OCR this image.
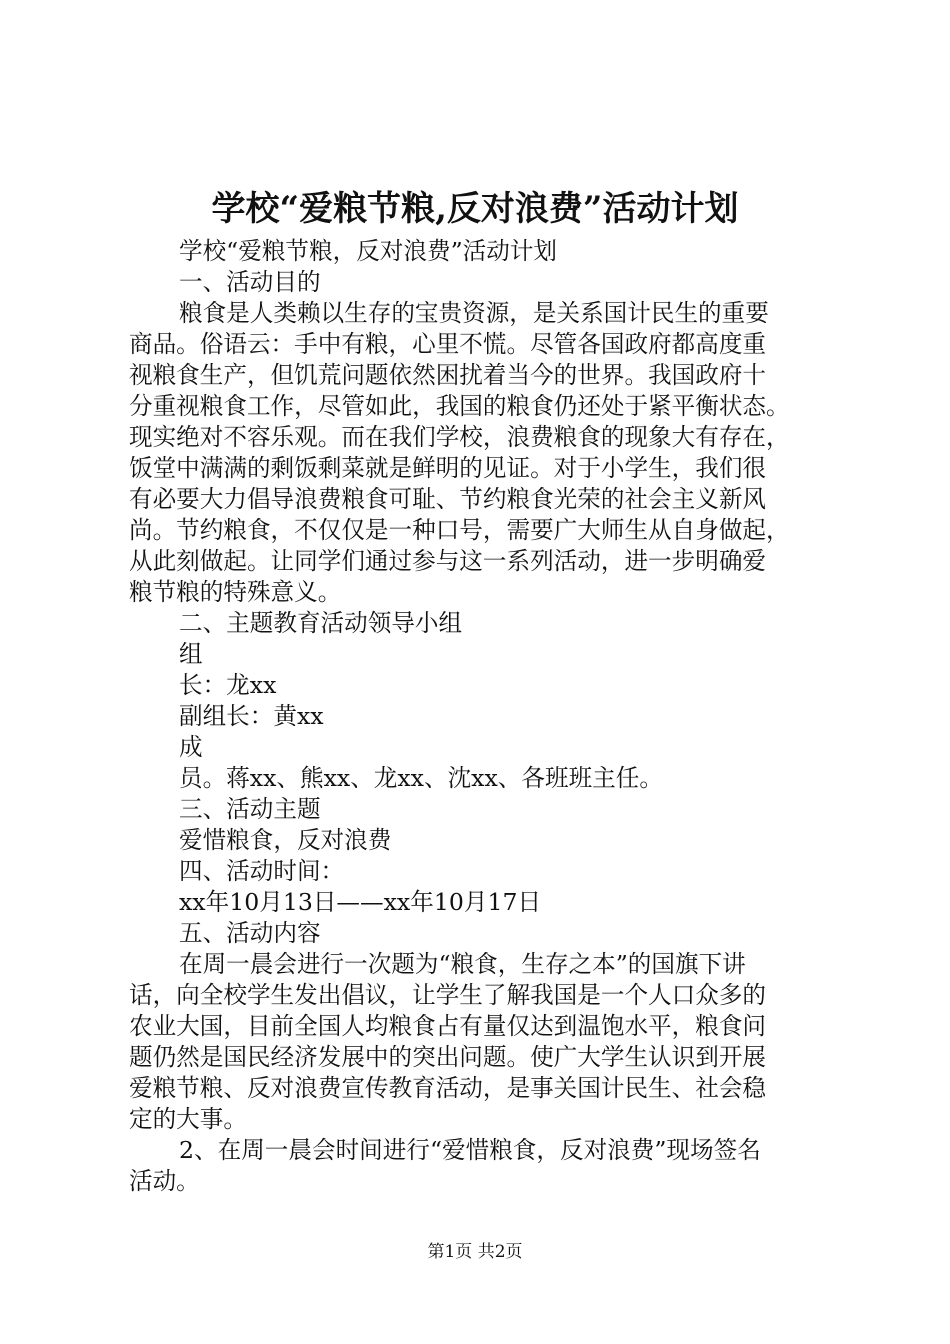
学校“爱粮节粮,反对浪费”活动计划
学校“爱粮节粮，反对浪费”活动计划
一、活动目的
粮食是人类赖以生存的宝贵资源，是关系国计民生的重要
商品。俗语云：手中有粮，心里不慌。尽管各国政府都高度重
视粮食生产，但饥荒问题依然困扰着当今的世界。我国政府十
分重视粮食工作，尽管如此，我国的粮食仍还处于紧平衡状态。
现实绝对不容乐观。而在我们学校，浪费粮食的现象大有存在，
饭堂中满满的剩饭剩菜就是鲜明的见证。对于小学生，我们很
有必要大力倡导浪费粮食可耻、节约粮食光荣的社会主义新风
尚。节约粮食，不仅仅是一种口号，需要广大师生从自身做起，
从此刻做起。让同学们通过参与这一系列活动，进一步明确爱
粮节粮的特殊意义。
二、主题教育活动领导小组
组
长：龙xx
副组长：黄xx
成
员。蒋xx、熊xx、龙xx、沈xx、各班班主任。
三、活动主题
爱惜粮食，反对浪费
四、活动时间：
xx年10月13日——xx年10月17日
五、活动内容
在周一晨会进行一次题为“粮食，生存之本”的国旗下讲
话，向全校学生发出倡议，让学生了解我国是一个人口众多的
农业大国，目前全国人均粮食占有量仅达到温饱水平，粮食问
题仍然是国民经济发展中的突出问题。使广大学生认识到开展
爱粮节粮、反对浪费宣传教育活动，是事关国计民生、社会稳
定的大事。
2、在周一晨会时间进行“爱惜粮食，反对浪费”现场签名
活动。
第1页 共2页
